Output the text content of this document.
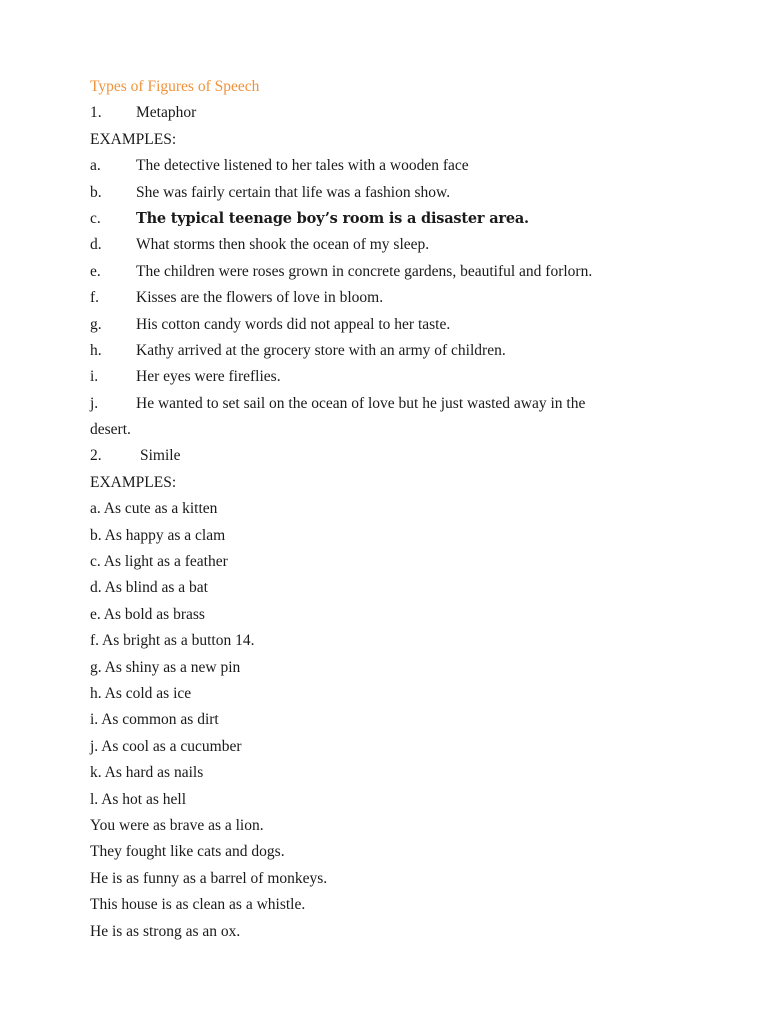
Types of Figures of Speech
1. Metaphor
EXAMPLES:
a. The detective listened to her tales with a wooden face
b. She was fairly certain that life was a fashion show.
c. The typical teenage boy’s room is a disaster area.
d. What storms then shook the ocean of my sleep.
e. The children were roses grown in concrete gardens, beautiful and forlorn.
f. Kisses are the flowers of love in bloom.
g. His cotton candy words did not appeal to her taste.
h. Kathy arrived at the grocery store with an army of children.
i. Her eyes were fireflies.
j. He wanted to set sail on the ocean of love but he just wasted away in the
desert.
2. Simile
EXAMPLES:
a. As cute as a kitten
b. As happy as a clam
c. As light as a feather
d. As blind as a bat
e. As bold as brass
f. As bright as a button 14.
g. As shiny as a new pin
h. As cold as ice
i. As common as dirt
j. As cool as a cucumber
k. As hard as nails
l. As hot as hell
You were as brave as a lion.
They fought like cats and dogs.
He is as funny as a barrel of monkeys.
This house is as clean as a whistle.
He is as strong as an ox.
